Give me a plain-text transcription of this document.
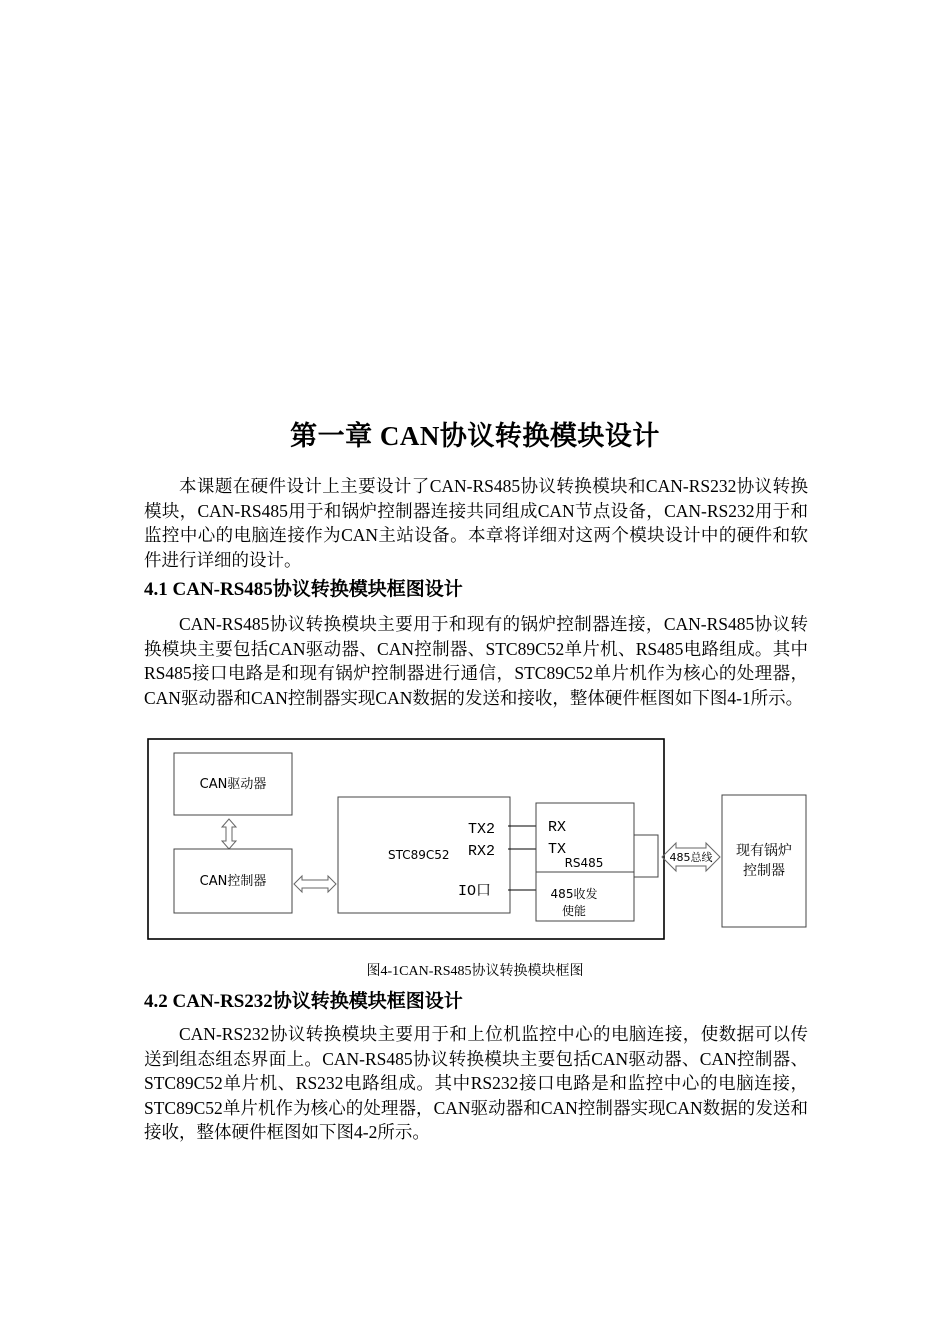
第一章 CAN协议转换模块设计

本课题在硬件设计上主要设计了CAN-RS485协议转换模块和CAN-RS232协议转换模块，CAN-RS485用于和锅炉控制器连接共同组成CAN节点设备，CAN-RS232用于和监控中心的电脑连接作为CAN主站设备。本章将详细对这两个模块设计中的硬件和软件进行详细的设计。

4.1 CAN-RS485协议转换模块框图设计

CAN-RS485协议转换模块主要用于和现有的锅炉控制器连接，CAN-RS485协议转换模块主要包括CAN驱动器、CAN控制器、STC89C52单片机、RS485电路组成。其中RS485接口电路是和现有锅炉控制器进行通信，STC89C52单片机作为核心的处理器，CAN驱动器和CAN控制器实现CAN数据的发送和接收，整体硬件框图如下图4-1所示。

CAN驱动器
CAN控制器
STC89C52
TX2
RX2
IO口
RX
TX
RS485
485收发
使能
485总线 现有锅炉
控制器
图4-1CAN-RS485协议转换模块框图
4.2 CAN-RS232协议转换模块框图设计

CAN-RS232协议转换模块主要用于和上位机监控中心的电脑连接，使数据可以传送到组态组态界面上。CAN-RS485协议转换模块主要包括CAN驱动器、CAN控制器、STC89C52单片机、RS232电路组成。其中RS232接口电路是和监控中心的电脑连接，STC89C52单片机作为核心的处理器，CAN驱动器和CAN控制器实现CAN数据的发送和接收，整体硬件框图如下图4-2所示。
